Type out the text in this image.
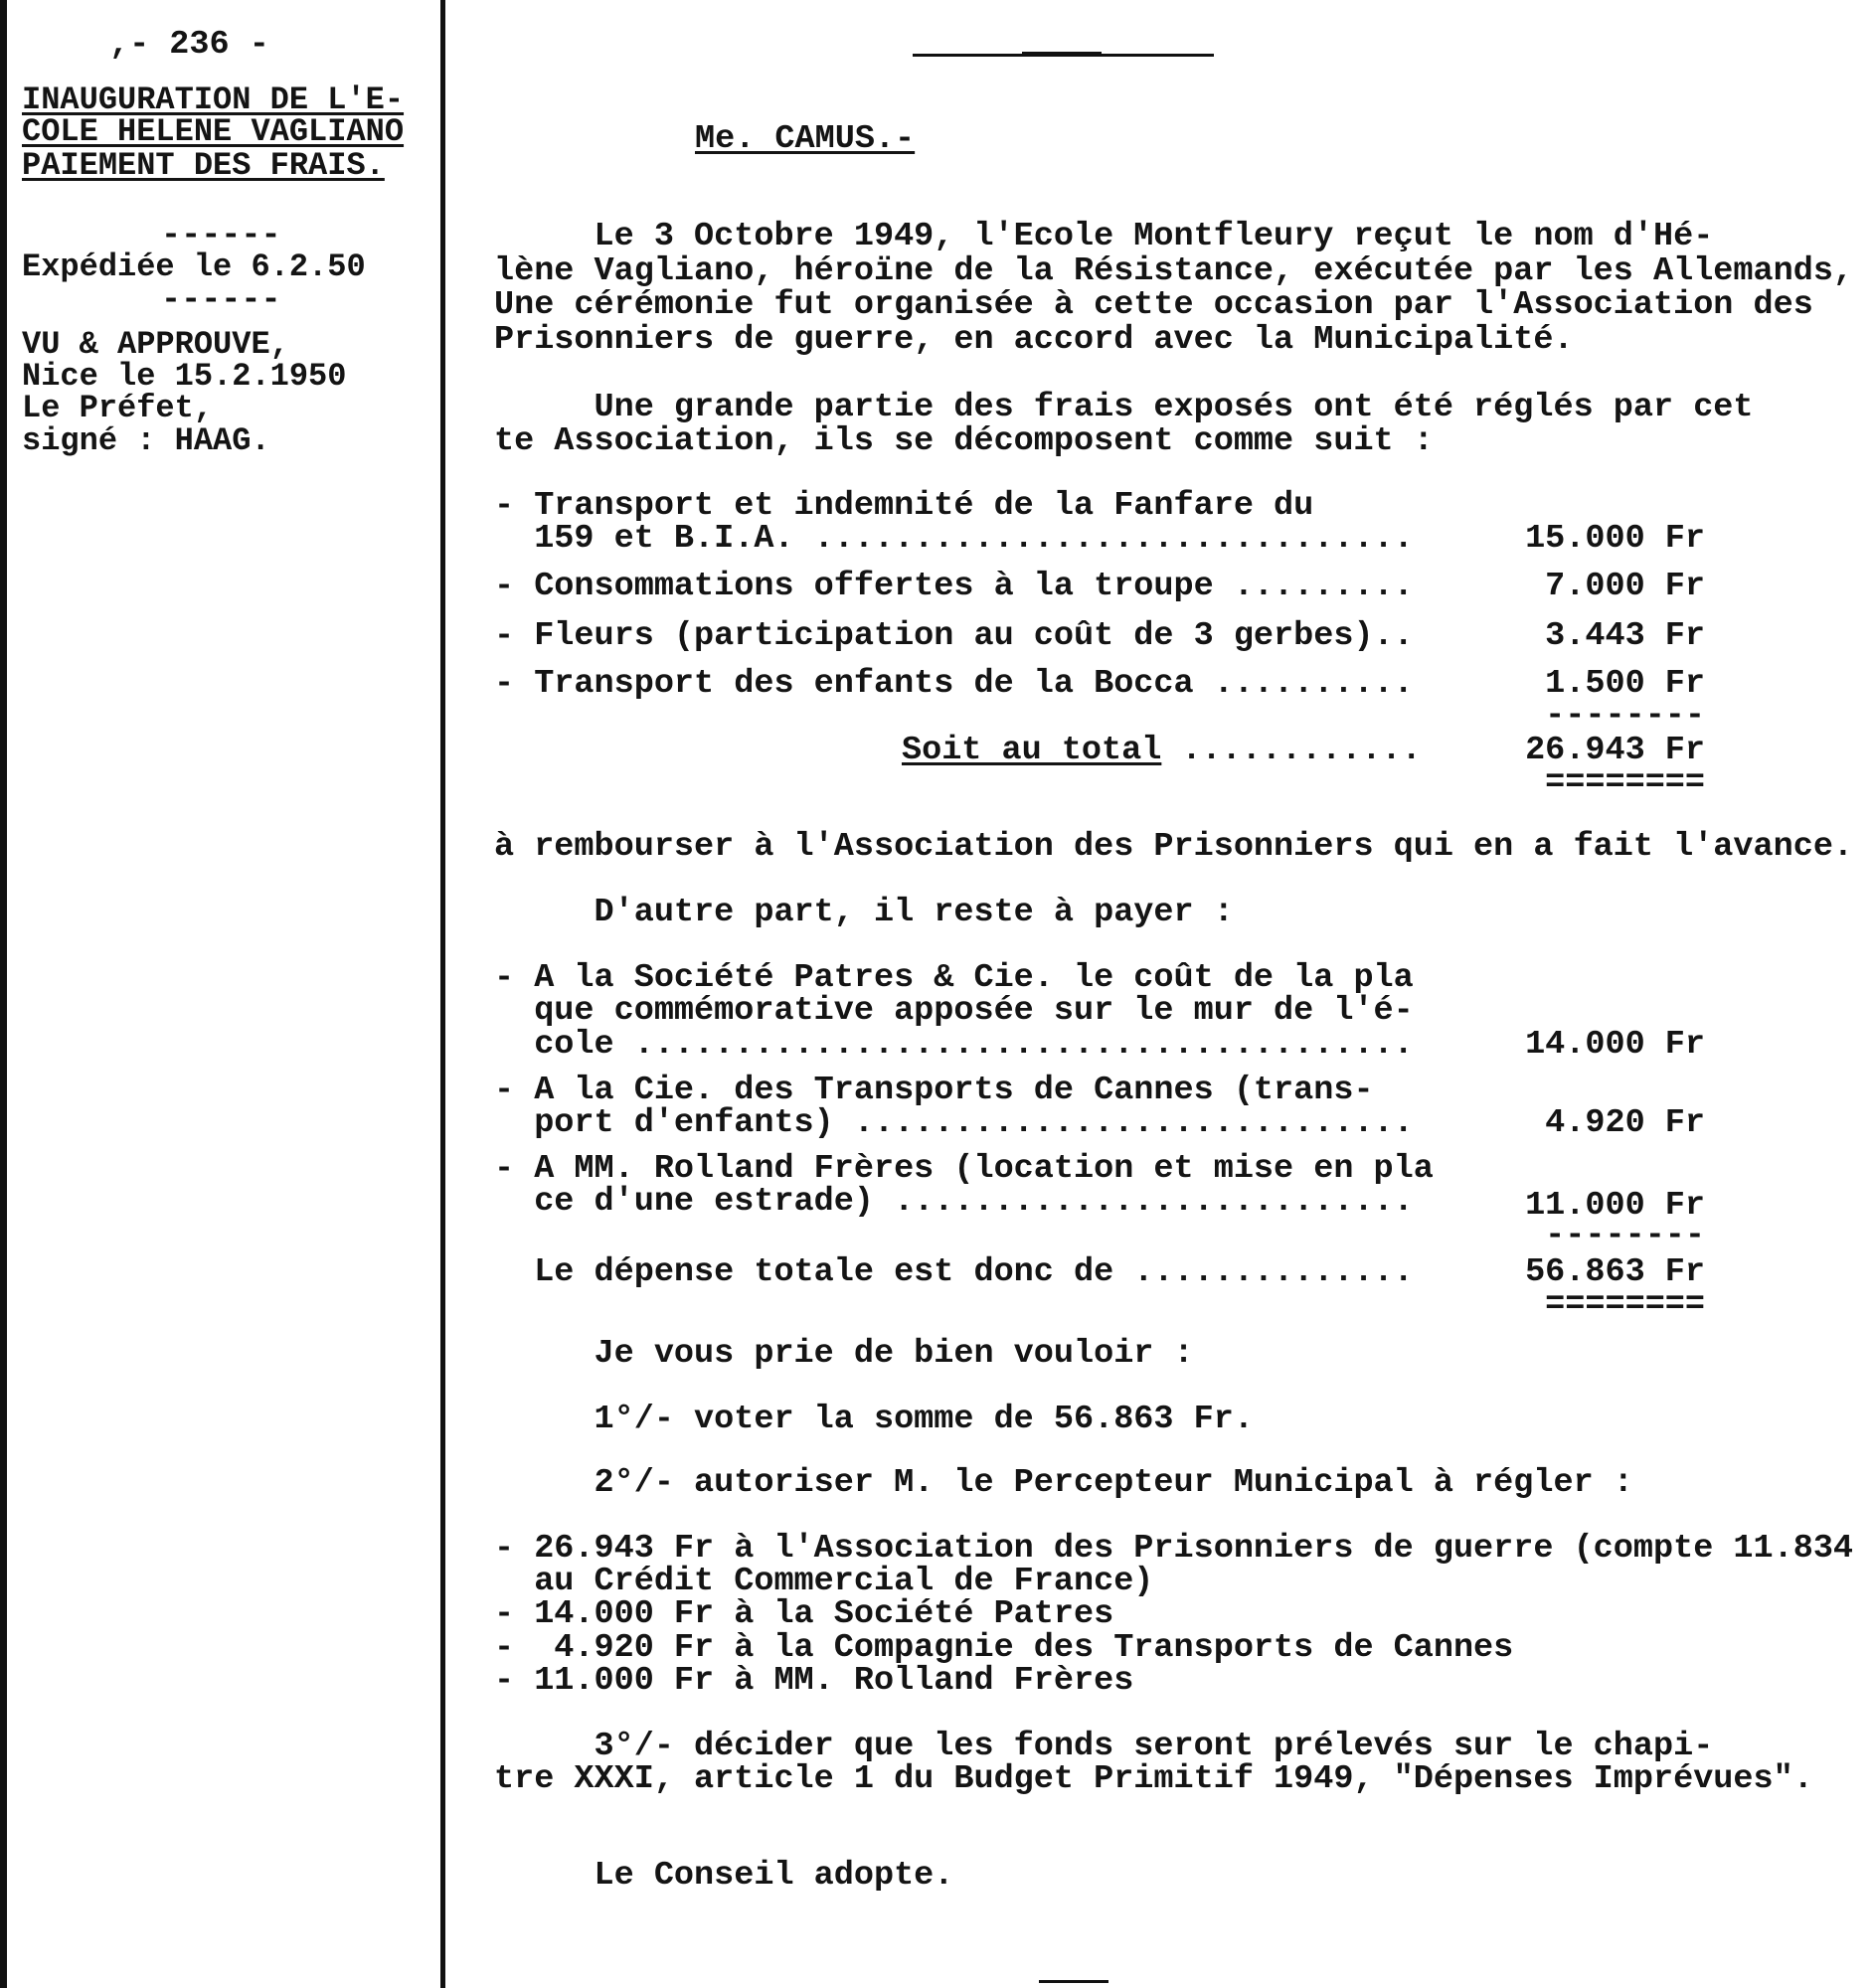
,- 236 -
INAUGURATION DE L'E-
COLE HELENE VAGLIANO
PAIEMENT DES FRAIS.
------
Expédiée le 6.2.50
------
VU & APPROUVE,
Nice le 15.2.1950
Le Préfet,
signé : HAAG.
Me. CAMUS.-
Le 3 Octobre 1949, l'Ecole Montfleury reçut le nom d'Hé-
lène Vagliano, héroïne de la Résistance, exécutée par les Allemands,
Une cérémonie fut organisée à cette occasion par l'Association des
Prisonniers de guerre, en accord avec la Municipalité.
Une grande partie des frais exposés ont été réglés par cet
te Association, ils se décomposent comme suit :
- Transport et indemnité de la Fanfare du
159 et B.I.A. ..............................	15.000 Fr
- Consommations offertes à la troupe .........	7.000 Fr
- Fleurs (participation au coût de 3 gerbes)..	3.443 Fr
- Transport des enfants de la Bocca ..........	1.500 Fr
--------
Soit au total ............	26.943 Fr
========
à rembourser à l'Association des Prisonniers qui en a fait l'avance.
D'autre part, il reste à payer :
- A la Société Patres & Cie. le coût de la pla
que commémorative apposée sur le mur de l'é-
cole .......................................	14.000 Fr
- A la Cie. des Transports de Cannes (trans-
port d'enfants) ............................	4.920 Fr
- A MM. Rolland Frères (location et mise en pla
ce d'une estrade) ..........................	11.000 Fr
--------
Le dépense totale est donc de ..............	56.863 Fr
========
Je vous prie de bien vouloir :
1°/- voter la somme de 56.863 Fr.
2°/- autoriser M. le Percepteur Municipal à régler :
- 26.943 Fr à l'Association des Prisonniers de guerre (compte 11.834
au Crédit Commercial de France)
- 14.000 Fr à la Société Patres
-  4.920 Fr à la Compagnie des Transports de Cannes
- 11.000 Fr à MM. Rolland Frères
3°/- décider que les fonds seront prélevés sur le chapi-
tre XXXI, article 1 du Budget Primitif 1949, "Dépenses Imprévues".
Le Conseil adopte.
